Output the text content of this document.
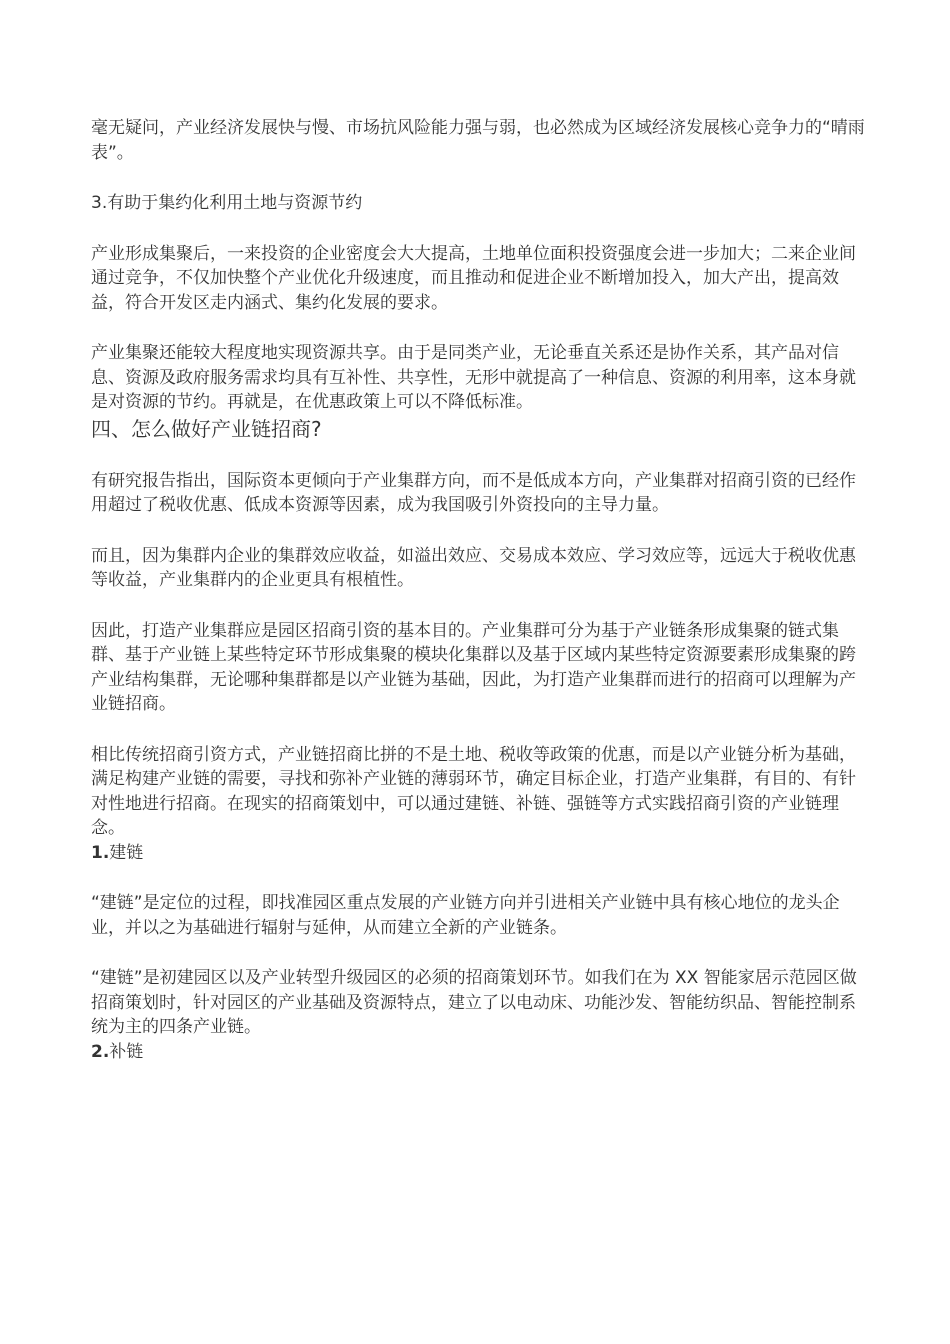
毫无疑问，产业经济发展快与慢、市场抗风险能力强与弱，也必然成为区域经济发展核心竞争力的“晴雨表”。

3.有助于集约化利用土地与资源节约

产业形成集聚后，一来投资的企业密度会大大提高，土地单位面积投资强度会进一步加大；二来企业间通过竞争，不仅加快整个产业优化升级速度，而且推动和促进企业不断增加投入，加大产出，提高效益，符合开发区走内涵式、集约化发展的要求。

产业集聚还能较大程度地实现资源共享。由于是同类产业，无论垂直关系还是协作关系，其产品对信息、资源及政府服务需求均具有互补性、共享性，无形中就提高了一种信息、资源的利用率，这本身就是对资源的节约。再就是，在优惠政策上可以不降低标准。

四、怎么做好产业链招商?

有研究报告指出，国际资本更倾向于产业集群方向，而不是低成本方向，产业集群对招商引资的已经作用超过了税收优惠、低成本资源等因素，成为我国吸引外资投向的主导力量。

而且，因为集群内企业的集群效应收益，如溢出效应、交易成本效应、学习效应等，远远大于税收优惠等收益，产业集群内的企业更具有根植性。

因此，打造产业集群应是园区招商引资的基本目的。产业集群可分为基于产业链条形成集聚的链式集群、基于产业链上某些特定环节形成集聚的模块化集群以及基于区域内某些特定资源要素形成集聚的跨产业结构集群，无论哪种集群都是以产业链为基础，因此，为打造产业集群而进行的招商可以理解为产业链招商。

相比传统招商引资方式，产业链招商比拼的不是土地、税收等政策的优惠，而是以产业链分析为基础，满足构建产业链的需要，寻找和弥补产业链的薄弱环节，确定目标企业，打造产业集群，有目的、有针对性地进行招商。在现实的招商策划中，可以通过建链、补链、强链等方式实践招商引资的产业链理念。

1.建链

“建链”是定位的过程，即找准园区重点发展的产业链方向并引进相关产业链中具有核心地位的龙头企业，并以之为基础进行辐射与延伸，从而建立全新的产业链条。

“建链”是初建园区以及产业转型升级园区的必须的招商策划环节。如我们在为 XX 智能家居示范园区做招商策划时，针对园区的产业基础及资源特点，建立了以电动床、功能沙发、智能纺织品、智能控制系统为主的四条产业链。

2.补链
